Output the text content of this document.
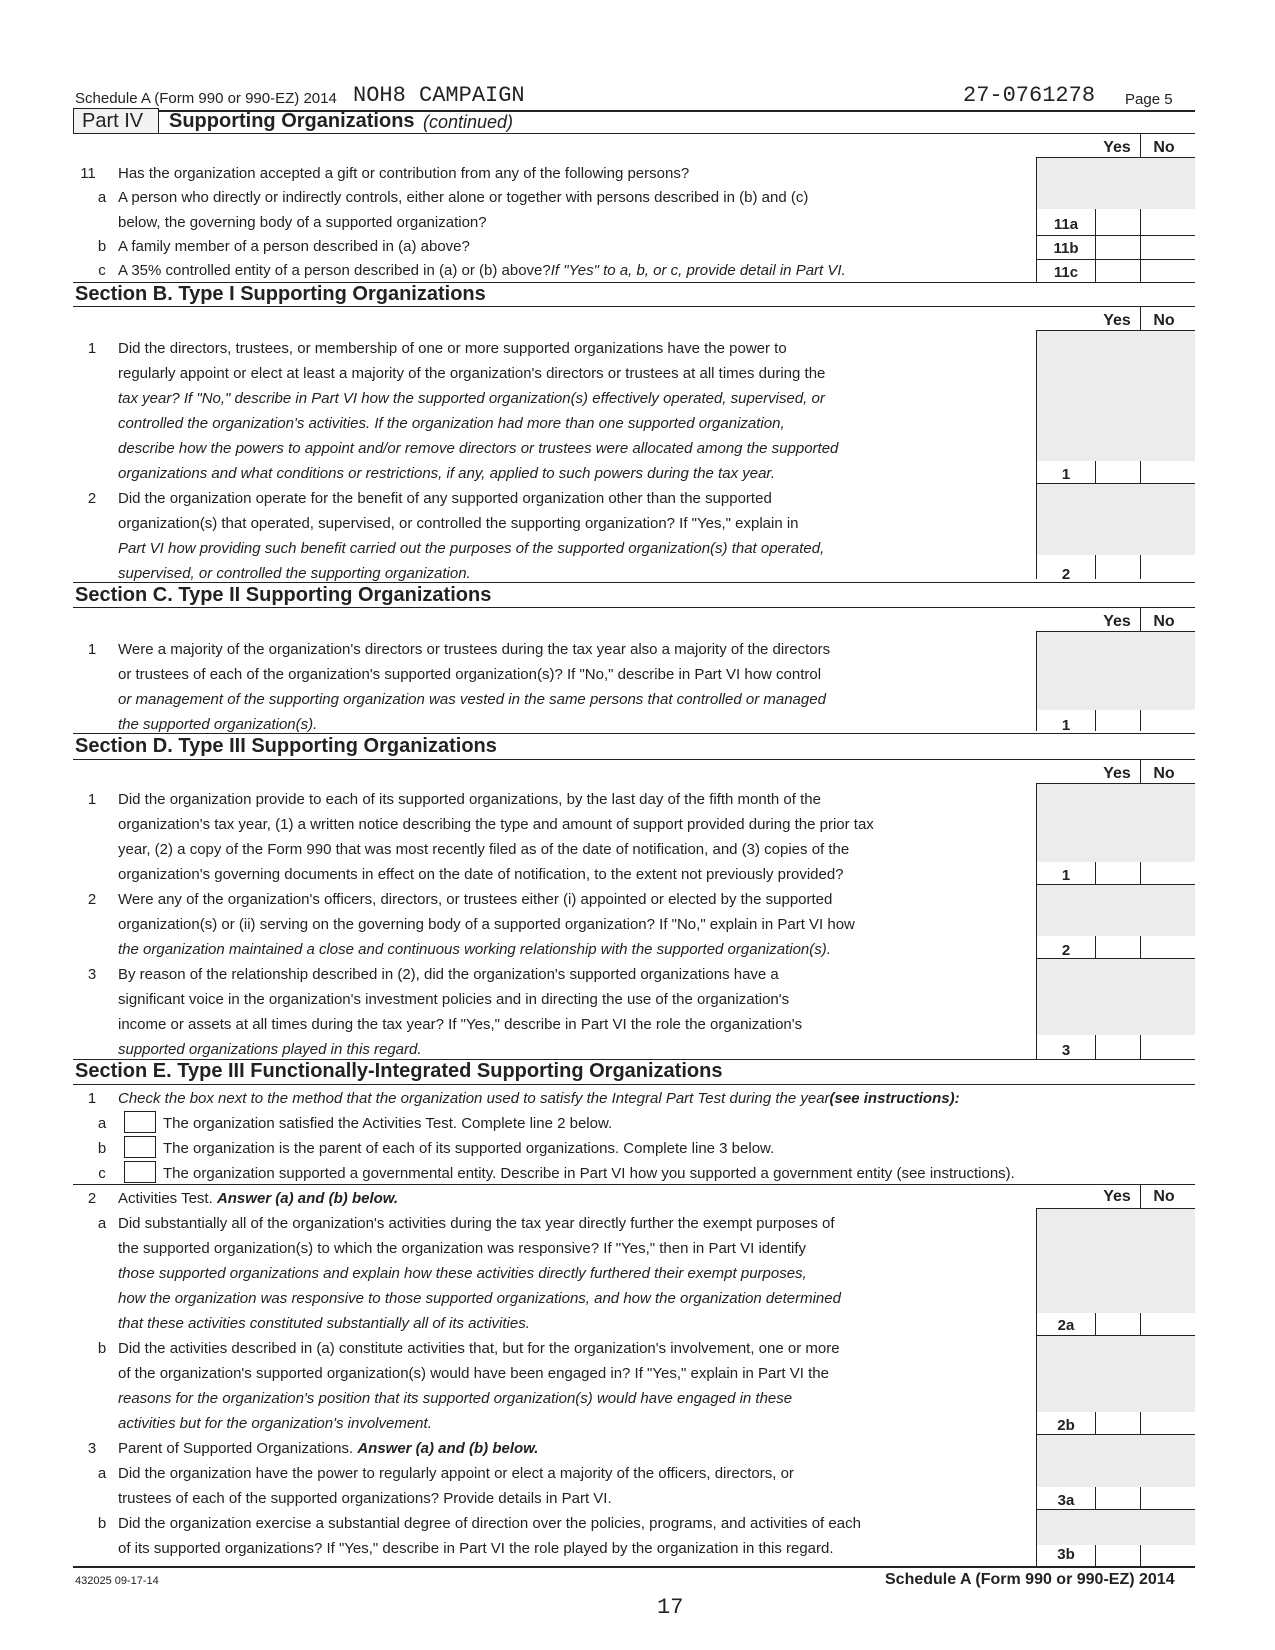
Schedule A (Form 990 or 990-EZ) 2014 NOH8 CAMPAIGN	27-0761278 Page 5
Part IV Supporting Organizations (continued)
Yes	No
11 Has the organization accepted a gift or contribution from any of the following persons?
a A person who directly or indirectly controls, either alone or together with persons described in (b) and (c)
below, the governing body of a supported organization?	11a
b A family member of a person described in (a) above?	11b
c A 35% controlled entity of a person described in (a) or (b) above?If "Yes" to a, b, or c, provide detail in Part VI.	11c
Section B. Type I Supporting Organizations
Yes	No
1	Did the directors, trustees, or membership of one or more supported organizations have the power to
regularly appoint or elect at least a majority of the organization's directors or trustees at all times during the
tax year? If "No," describe in Part VI how the supported organization(s) effectively operated, supervised, or
controlled the organization's activities. If the organization had more than one supported organization,
describe how the powers to appoint and/or remove directors or trustees were allocated among the supported
organizations and what conditions or restrictions, if any, applied to such powers during the tax year.	1
2	Did the organization operate for the benefit of any supported organization other than the supported
organization(s) that operated, supervised, or controlled the supporting organization? If "Yes," explain in
Part VI how providing such benefit carried out the purposes of the supported organization(s) that operated,
supervised, or controlled the supporting organization.	2
Section C. Type II Supporting Organizations
Yes	No
1	Were a majority of the organization's directors or trustees during the tax year also a majority of the directors
or trustees of each of the organization's supported organization(s)? If "No," describe in Part VI how control
or management of the supporting organization was vested in the same persons that controlled or managed
the supported organization(s).	1
Section D. Type III Supporting Organizations
Yes	No
1	Did the organization provide to each of its supported organizations, by the last day of the fifth month of the
organization's tax year, (1) a written notice describing the type and amount of support provided during the prior tax
year, (2) a copy of the Form 990 that was most recently filed as of the date of notification, and (3) copies of the
organization's governing documents in effect on the date of notification, to the extent not previously provided?	1
2	Were any of the organization's officers, directors, or trustees either (i) appointed or elected by the supported
organization(s) or (ii) serving on the governing body of a supported organization? If "No," explain in Part VI how
the organization maintained a close and continuous working relationship with the supported organization(s).	2
3	By reason of the relationship described in (2), did the organization's supported organizations have a
significant voice in the organization's investment policies and in directing the use of the organization's
income or assets at all times during the tax year? If "Yes," describe in Part VI the role the organization's
supported organizations played in this regard.	3
Section E. Type III Functionally-Integrated Supporting Organizations
1	Check the box next to the method that the organization used to satisfy the Integral Part Test during the year(see instructions):
a	The organization satisfied the Activities Test. Complete line 2 below.
b	The organization is the parent of each of its supported organizations. Complete line 3 below.
c	The organization supported a governmental entity. Describe in Part VI how you supported a government entity (see instructions).
Yes	No
2	Activities Test. Answer (a) and (b) below.
a Did substantially all of the organization's activities during the tax year directly further the exempt purposes of
the supported organization(s) to which the organization was responsive? If "Yes," then in Part VI identify
those supported organizations and explain how these activities directly furthered their exempt purposes,
how the organization was responsive to those supported organizations, and how the organization determined
that these activities constituted substantially all of its activities.	2a
b Did the activities described in (a) constitute activities that, but for the organization's involvement, one or more
of the organization's supported organization(s) would have been engaged in? If "Yes," explain in Part VI the
reasons for the organization's position that its supported organization(s) would have engaged in these
activities but for the organization's involvement.	2b
3	Parent of Supported Organizations. Answer (a) and (b) below.
a Did the organization have the power to regularly appoint or elect a majority of the officers, directors, or
trustees of each of the supported organizations? Provide details in Part VI.	3a
b Did the organization exercise a substantial degree of direction over the policies, programs, and activities of each
of its supported organizations? If "Yes," describe in Part VI the role played by the organization in this regard.	3b
432025 09-17-14	Schedule A (Form 990 or 990-EZ) 2014
17
